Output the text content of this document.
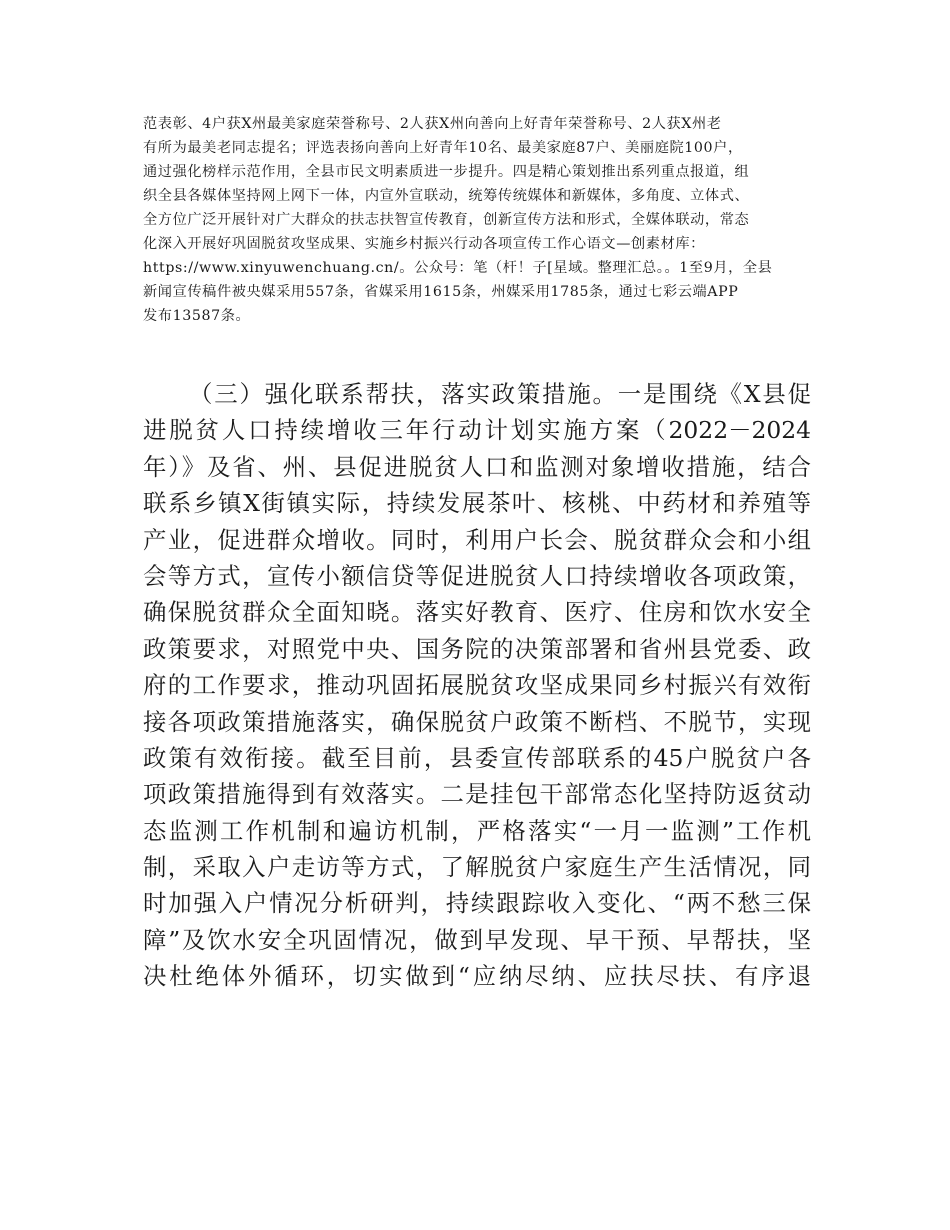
范表彰、4户获X州最美家庭荣誉称号、2人获X州向善向上好青年荣誉称号、2人获X州老
有所为最美老同志提名；评选表扬向善向上好青年10名、最美家庭87户、美丽庭院100户，
通过强化榜样示范作用，全县市民文明素质进一步提升。四是精心策划推出系列重点报道，组
织全县各媒体坚持网上网下一体，内宣外宣联动，统筹传统媒体和新媒体，多角度、立体式、
全方位广泛开展针对广大群众的扶志扶智宣传教育，创新宣传方法和形式，全媒体联动，常态
化深入开展好巩固脱贫攻坚成果、实施乡村振兴行动各项宣传工作心语文—创素材库：
https://www.xinyuwenchuang.cn/。公众号：笔（杆！子[星域。整理汇总。。1至9月，全县
新闻宣传稿件被央媒采用557条，省媒采用1615条，州媒采用1785条，通过七彩云端APP
发布13587条。
（三）强化联系帮扶，落实政策措施。一是围绕《X县促
进脱贫人口持续增收三年行动计划实施方案（2022－2024
年）》及省、州、县促进脱贫人口和监测对象增收措施，结合
联系乡镇X街镇实际，持续发展茶叶、核桃、中药材和养殖等
产业，促进群众增收。同时，利用户长会、脱贫群众会和小组
会等方式，宣传小额信贷等促进脱贫人口持续增收各项政策，
确保脱贫群众全面知晓。落实好教育、医疗、住房和饮水安全
政策要求，对照党中央、国务院的决策部署和省州县党委、政
府的工作要求，推动巩固拓展脱贫攻坚成果同乡村振兴有效衔
接各项政策措施落实，确保脱贫户政策不断档、不脱节，实现
政策有效衔接。截至目前，县委宣传部联系的45户脱贫户各
项政策措施得到有效落实。二是挂包干部常态化坚持防返贫动
态监测工作机制和遍访机制，严格落实“一月一监测”工作机
制，采取入户走访等方式，了解脱贫户家庭生产生活情况，同
时加强入户情况分析研判，持续跟踪收入变化、“两不愁三保
障”及饮水安全巩固情况，做到早发现、早干预、早帮扶，坚
决杜绝体外循环，切实做到“应纳尽纳、应扶尽扶、有序退
